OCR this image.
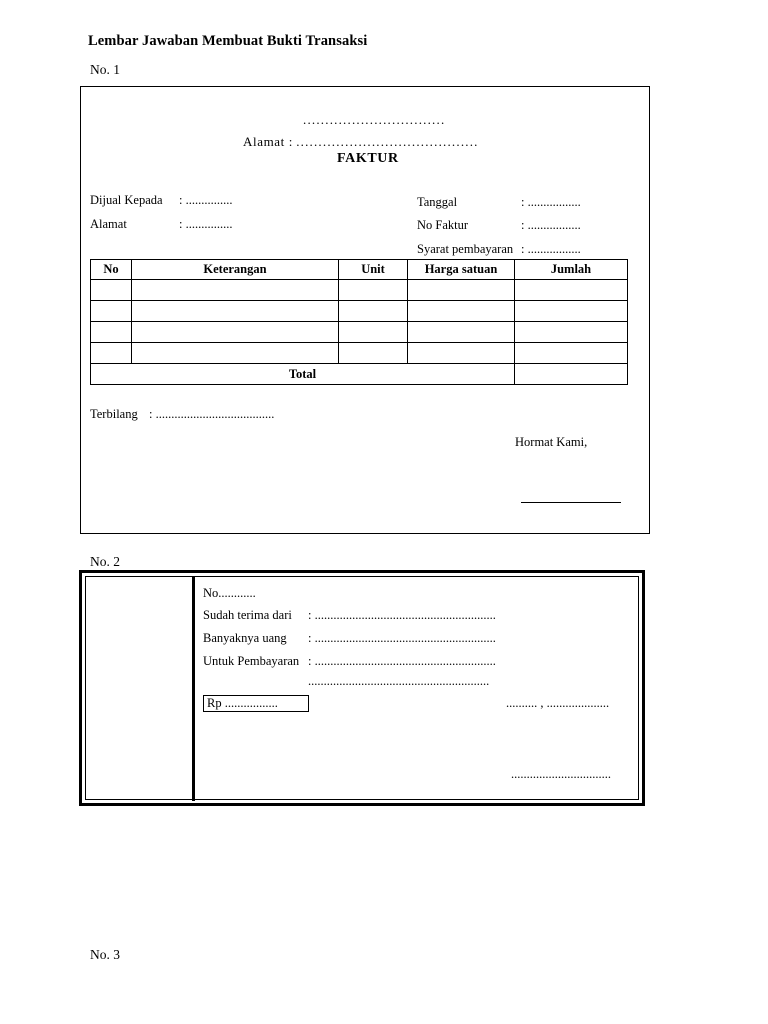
Lembar Jawaban Membuat Bukti Transaksi
No. 1
................................
Alamat : .........................................
FAKTUR
Dijual Kepada : ...............
Alamat	: ...............
Tanggal	: .................
No Faktur	: .................
Syarat pembayaran : .................
No	Keterangan	Unit	Harga satuan	Jumlah

Total				
Terbilang : ......................................
Hormat Kami,
No. 2
No............
Sudah terima dari : ..........................................................
Banyaknya uang : ..........................................................
Untuk Pembayaran : ..........................................................
..........................................................
Rp .................	.......... , ....................
................................
No. 3
